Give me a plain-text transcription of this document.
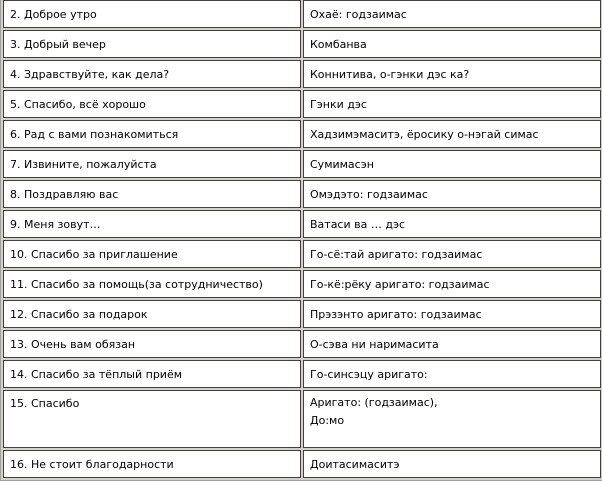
2. Доброе утро	Охаё: годзаимас
3. Добрый вечер	Комбанва
4. Здравствуйте, как дела?	Коннитива, о-гэнки дэс ка?
5. Спасибо, всё хорошо	Гэнки дэс
6. Рад с вами познакомиться	Хадзимэмаситэ, ёросику о-нэгай симас
7. Извините, пожалуйста	Сумимасэн
8. Поздравляю вас	Омэдэто: годзаимас
9. Меня зовут…	Ватаси ва … дэс
10. Спасибо за приглашение	Го-сё:тай аригато: годзаимас
11. Спасибо за помощь(за сотрудничество)	Го-кё:рёку аригато: годзаимас
12. Спасибо за подарок	Прэзэнто аригато: годзаимас
13. Очень вам обязан	О-сэва ни наримасита
14. Спасибо за тёплый приём	Го-синсэцу аригато:
15. Спасибо	Аригато: (годзаимас),
До:мо

16. Не стоит благодарности	Доитасимаситэ
